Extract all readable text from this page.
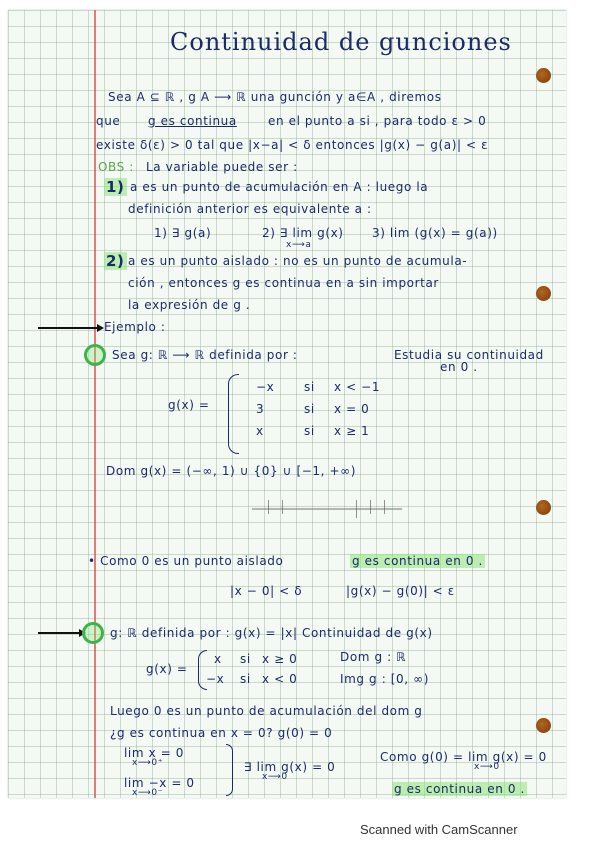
Continuidad de gunciones
Sea A ⊆ ℝ , g A ⟶ ℝ una gunción y a∈A , diremos
que g es continua	en el punto a si , para todo ε > 0
existe δ(ε) > 0 tal que |x−a| < δ entonces |g(x) − g(a)| < ε
OBS : La variable puede ser :
1) a es un punto de acumulación en A : luego la
definición anterior es equivalente a :
1) ∃ g(a)	2) ∃ lim g(x)
x⟶a
3) lim (g(x) = g(a))
2) a es un punto aislado : no es un punto de acumula-
ción , entonces g es continua en a sin importar
la expresión de g .
Ejemplo :
Sea g: ℝ ⟶ ℝ definida por :	Estudia su continuidad
en 0 .
g(x) =
−x si x < −1
3	si x = 0
x	si x ≥ 1
Dom g(x) = (−∞, 1) ∪ {0} ∪ [−1, +∞)
• Como 0 es un punto aislado	g es continua en 0 .
|x − 0| < δ	|g(x) − g(0)| < ε
g: ℝ definida por : g(x) = |x| Continuidad de g(x)
g(x) =
x si x ≥ 0
−x si x < 0
Dom g : ℝ
Img g : [0, ∞)
Luego 0 es un punto de acumulación del dom g
¿g es continua en x = 0? g(0) = 0
lim x = 0
x⟶0⁺
lim −x = 0
x⟶0⁻
∃ lim g(x) = 0
x⟶0
Como g(0) = lim g(x) = 0
x⟶0
g es continua en 0 .
Scanned with CamScanner
